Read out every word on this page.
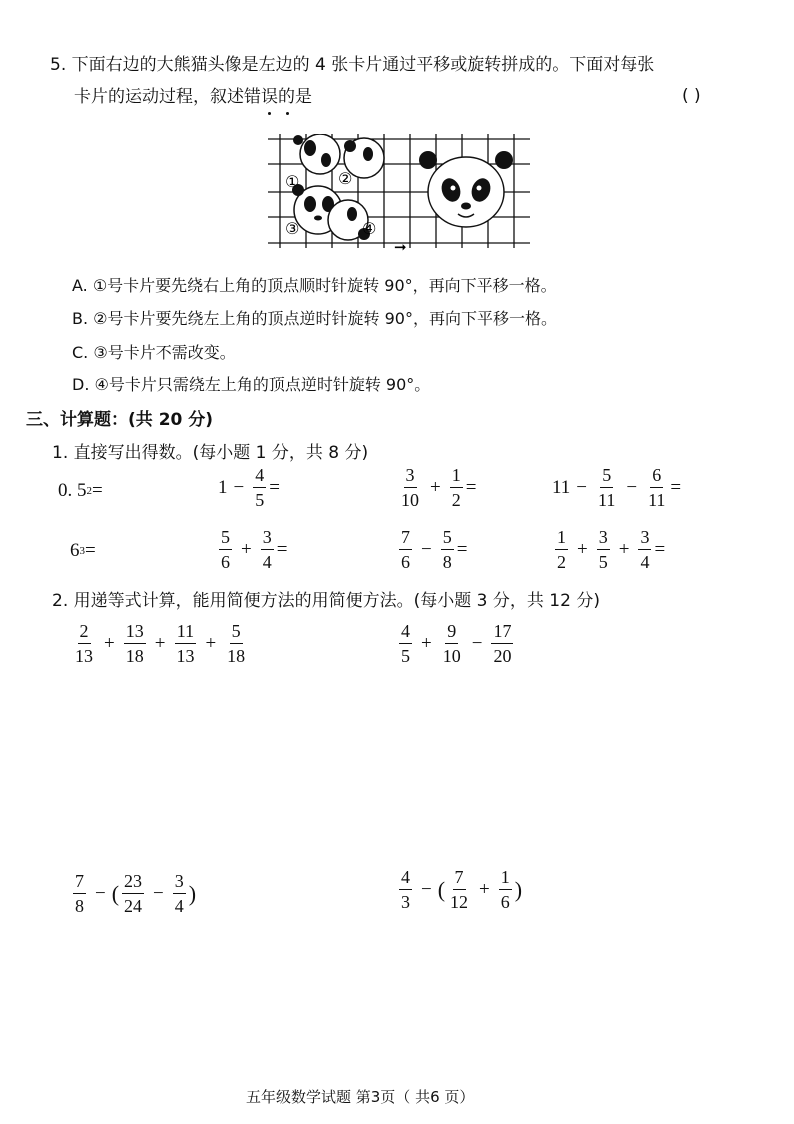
5. 下面右边的大熊猫头像是左边的 4 张卡片通过平移或旋转拼成的。下面对每张
卡片的运动过程，叙述错误的是	( )
① ②
③	④
➞
A. ①号卡片要先绕右上角的顶点顺时针旋转 90°，再向下平移一格。
B. ②号卡片要先绕左上角的顶点逆时针旋转 90°，再向下平移一格。
C. ③号卡片不需改变。
D. ④号卡片只需绕左上角的顶点逆时针旋转 90°。
三、计算题：(共 20 分)
1. 直接写出得数。(每小题 1 分，共 8 分)
0. 5 2 =	$1 - \frac{4}{5}$ =	$\frac{3}{10} + \frac{1}{2}$ =	$11 - \frac{5}{11} - \frac{6}{11}$ =
6 3 =	$\frac{5}{6} + \frac{3}{4}$ =	$\frac{7}{6} - \frac{5}{8}$ =	$\frac{1}{2} + \frac{3}{5} + \frac{3}{4}$ =
2. 用递等式计算，能用简便方法的用简便方法。(每小题 3 分，共 12 分)
$\frac{2}{13} + \frac{13}{18} + \frac{11}{13} + \frac{5}{18}$	$\frac{4}{5} + \frac{9}{10} - \frac{17}{20}$
$\frac{7}{8}$ − ( $\frac{23}{24} - \frac{3}{4}$ )	$\frac{4}{3}$ − ( $\frac{7}{12} + \frac{1}{6}$ )
五年级数学试题 第3页（ 共6 页）
